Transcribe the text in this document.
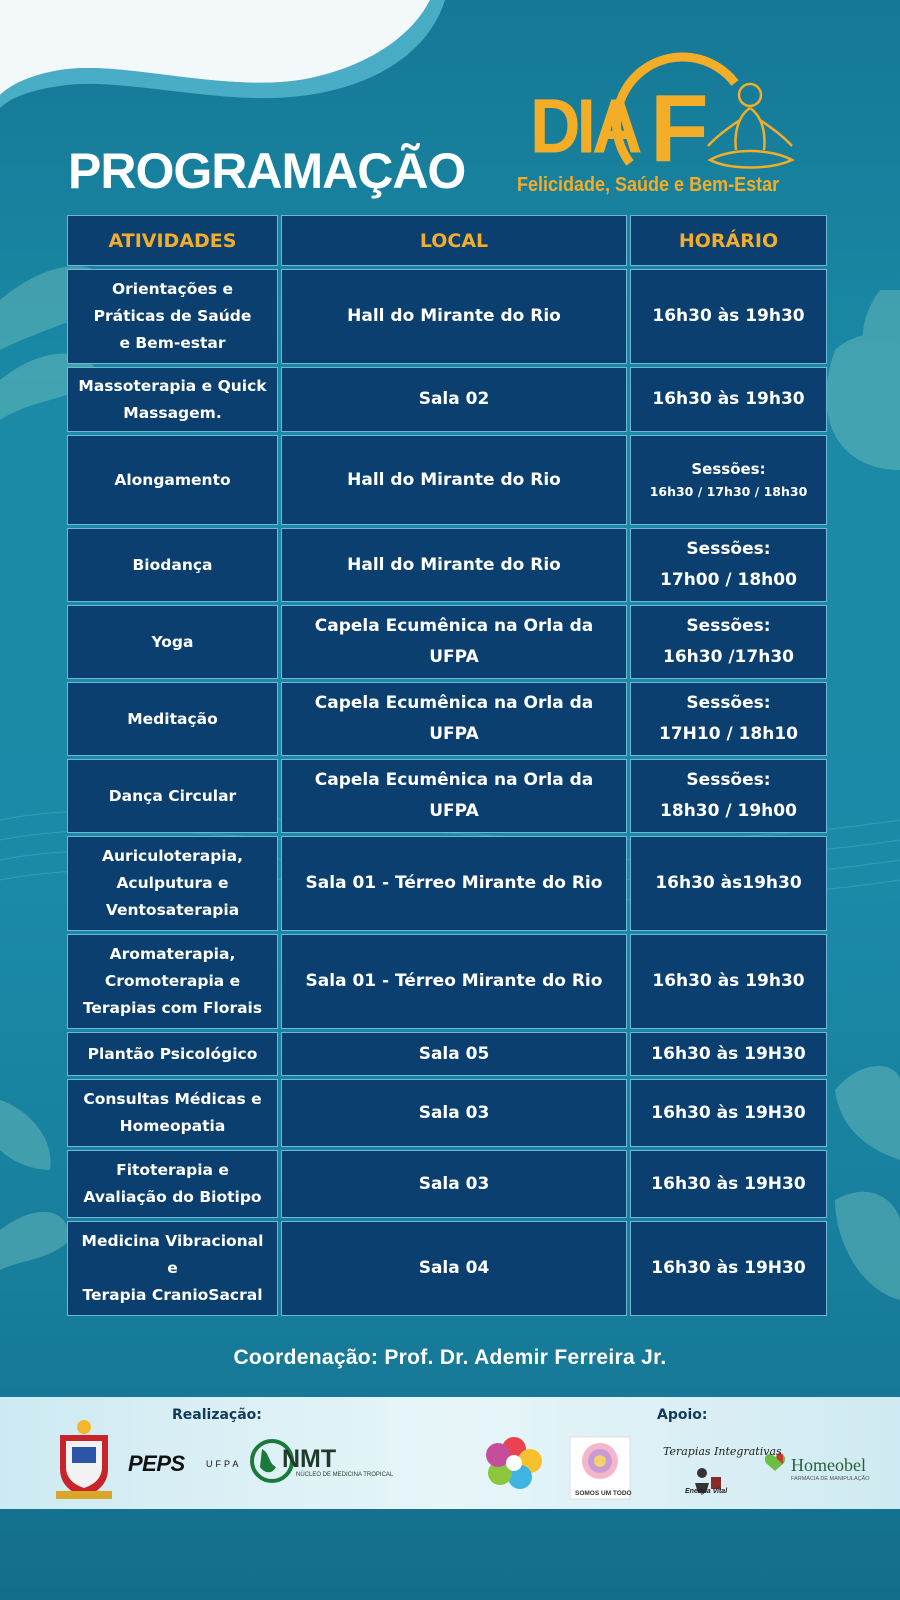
PROGRAMAÇÃO
DIA F
Felicidade, Saúde e Bem-Estar
ATIVIDADES	LOCAL	HORÁRIO

Orientações e
Práticas de Saúde
e Bem-estar	Hall do Mirante do Rio	16h30 às 19h30

Massoterapia e Quick
Massagem.	Sala 02	16h30 às 19h30

Alongamento	Hall do Mirante do Rio	Sessões:
16h30 / 17h30 / 18h30

Biodança	Hall do Mirante do Rio	Sessões:
17h00 / 18h00

Yoga	Capela Ecumênica na Orla da
UFPA	Sessões:
16h30 /17h30

Meditação	Capela Ecumênica na Orla da
UFPA	Sessões:
17H10 / 18h10

Dança Circular	Capela Ecumênica na Orla da
UFPA	Sessões:
18h30 / 19h00

Auriculoterapia,
Aculputura e
Ventosaterapia	Sala 01 - Térreo Mirante do Rio	16h30 às19h30

Aromaterapia,
Cromoterapia e
Terapias com Florais	Sala 01 - Térreo Mirante do Rio	16h30 às 19h30

Plantão Psicológico	Sala 05	16h30 às 19H30

Consultas Médicas e
Homeopatia	Sala 03	16h30 às 19H30

Fitoterapia e
Avaliação do Biotipo	Sala 03	16h30 às 19H30

Medicina Vibracional e
Terapia CranioSacral	Sala 04	16h30 às 19H30
Coordenação: Prof. Dr. Ademir Ferreira Jr.
Realização:	Apoio:
PEPS UFPA NMT
NÚCLEO DE MEDICINA TROPICAL
SOMOS UM TODO
Terapias Integrativas
Energia Vital
Homeobel
FARMÁCIA DE MANIPULAÇÃO
